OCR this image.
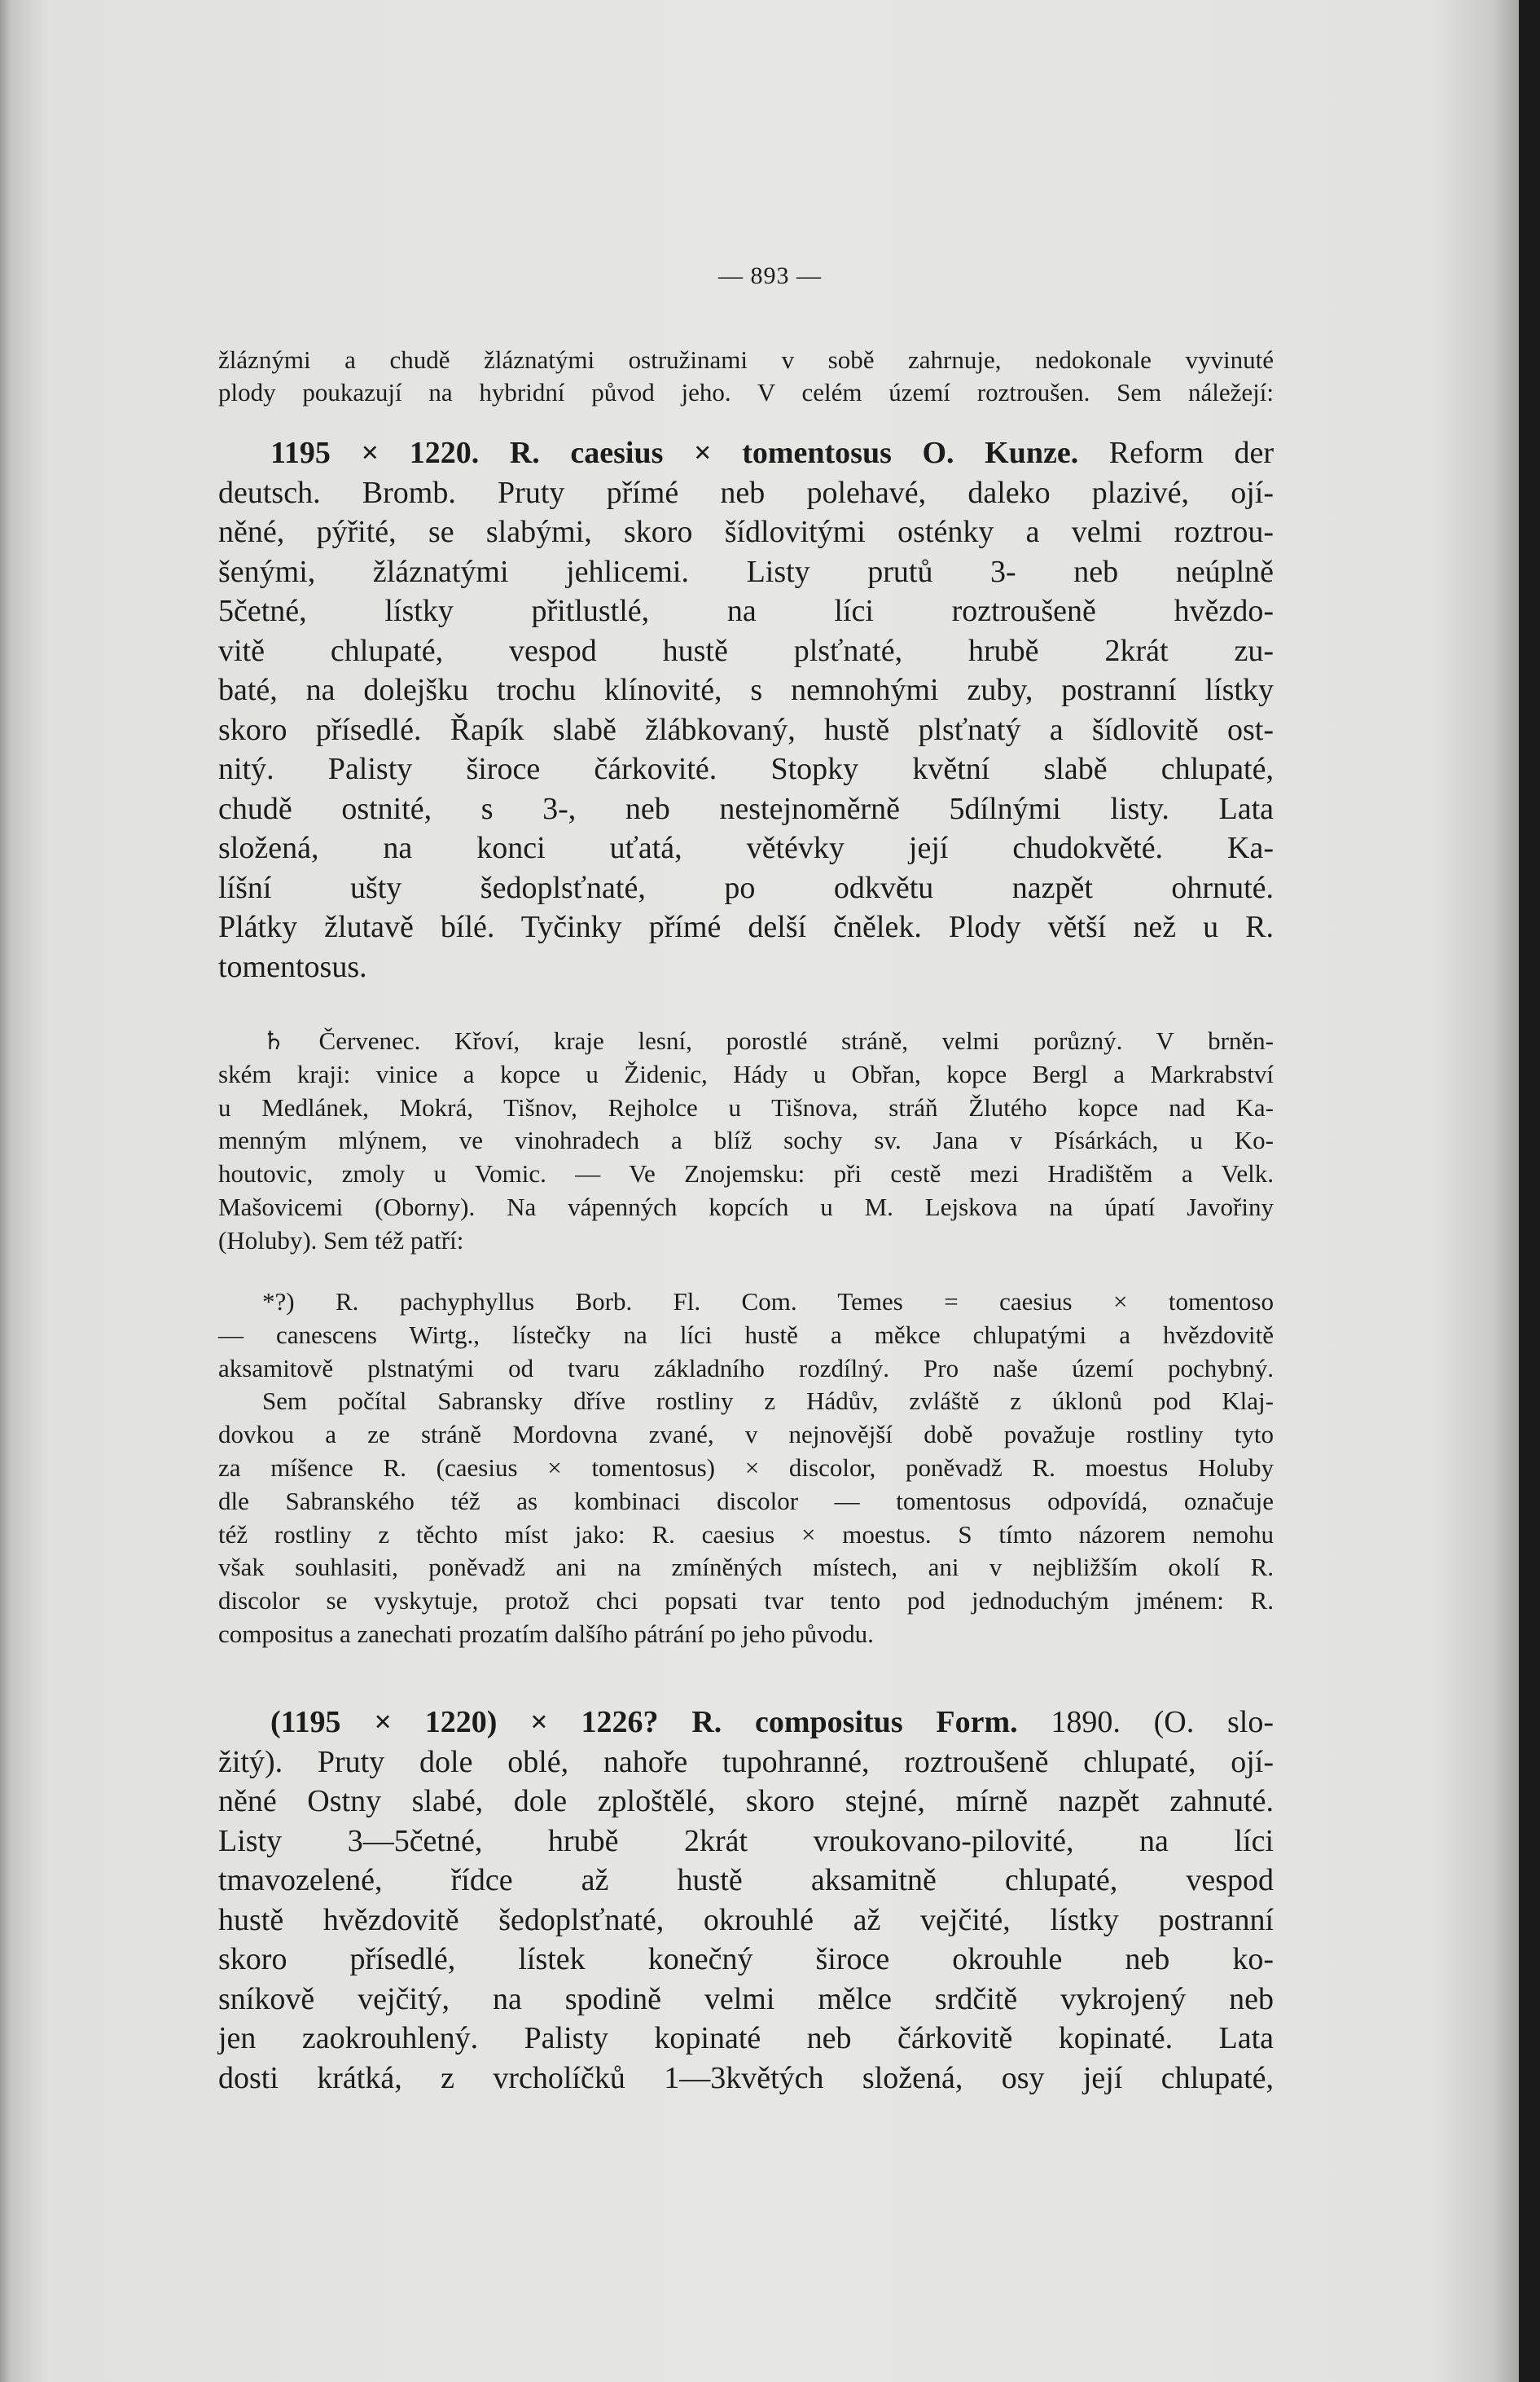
— 893 —
žláznými a chudě žláznatými ostružinami v sobě zahrnuje, nedokonale vyvinuté
plody poukazují na hybridní původ jeho. V celém území roztroušen. Sem náležejí:
1195 × 1220. R. caesius × tomentosus O. Kunze. Reform der
deutsch. Bromb. Pruty přímé neb polehavé, daleko plazivé, ojí-
něné, pýřité, se slabými, skoro šídlovitými osténky a velmi roztrou-
šenými, žláznatými jehlicemi. Listy prutů 3- neb neúplně
5četné, lístky přitlustlé, na líci roztroušeně hvězdo-
vitě chlupaté, vespod hustě plsťnaté, hrubě 2krát zu-
baté, na dolejšku trochu klínovité, s nemnohými zuby, postranní lístky
skoro přísedlé. Řapík slabě žlábkovaný, hustě plsťnatý a šídlovitě ost-
nitý. Palisty široce čárkovité. Stopky květní slabě chlupaté,
chudě ostnité, s 3-, neb nestejnoměrně 5dílnými listy. Lata
složená, na konci uťatá, větévky její chudokvěté. Ka-
líšní ušty šedoplsťnaté, po odkvětu nazpět ohrnuté.
Plátky žlutavě bílé. Tyčinky přímé delší čnělek. Plody větší než u R.
tomentosus.
♄ Červenec. Křoví, kraje lesní, porostlé stráně, velmi porůzný. V brněn-
ském kraji: vinice a kopce u Židenic, Hády u Obřan, kopce Bergl a Markrabství
u Medlánek, Mokrá, Tišnov, Rejholce u Tišnova, stráň Žlutého kopce nad Ka-
menným mlýnem, ve vinohradech a blíž sochy sv. Jana v Písárkách, u Ko-
houtovic, zmoly u Vomic. — Ve Znojemsku: při cestě mezi Hradištěm a Velk.
Mašovicemi (Oborny). Na vápenných kopcích u M. Lejskova na úpatí Javořiny
(Holuby). Sem též patří:
*?) R. pachyphyllus Borb. Fl. Com. Temes = caesius × tomentoso
— canescens Wirtg., lístečky na líci hustě a měkce chlupatými a hvězdovitě
aksamitově plstnatými od tvaru základního rozdílný. Pro naše území pochybný.
Sem počítal Sabransky dříve rostliny z Hádův, zvláště z úklonů pod Klaj-
dovkou a ze stráně Mordovna zvané, v nejnovější době považuje rostliny tyto
za míšence R. (caesius × tomentosus) × discolor, poněvadž R. moestus Holuby
dle Sabranského též as kombinaci discolor — tomentosus odpovídá, označuje
též rostliny z těchto míst jako: R. caesius × moestus. S tímto názorem nemohu
však souhlasiti, poněvadž ani na zmíněných místech, ani v nejbližším okolí R.
discolor se vyskytuje, protož chci popsati tvar tento pod jednoduchým jménem: R.
compositus a zanechati prozatím dalšího pátrání po jeho původu.
(1195 × 1220) × 1226? R. compositus Form. 1890. (O. slo-
žitý). Pruty dole oblé, nahoře tupohranné, roztroušeně chlupaté, ojí-
něné Ostny slabé, dole zploštělé, skoro stejné, mírně nazpět zahnuté.
Listy 3—5četné, hrubě 2krát vroukovano-pilovité, na líci
tmavozelené, řídce až hustě aksamitně chlupaté, vespod
hustě hvězdovitě šedoplsťnaté, okrouhlé až vejčité, lístky postranní
skoro přísedlé, lístek konečný široce okrouhle neb ko-
sníkově vejčitý, na spodině velmi mělce srdčitě vykrojený neb
jen zaokrouhlený. Palisty kopinaté neb čárkovitě kopinaté. Lata
dosti krátká, z vrcholíčků 1—3květých složená, osy její chlupaté,
